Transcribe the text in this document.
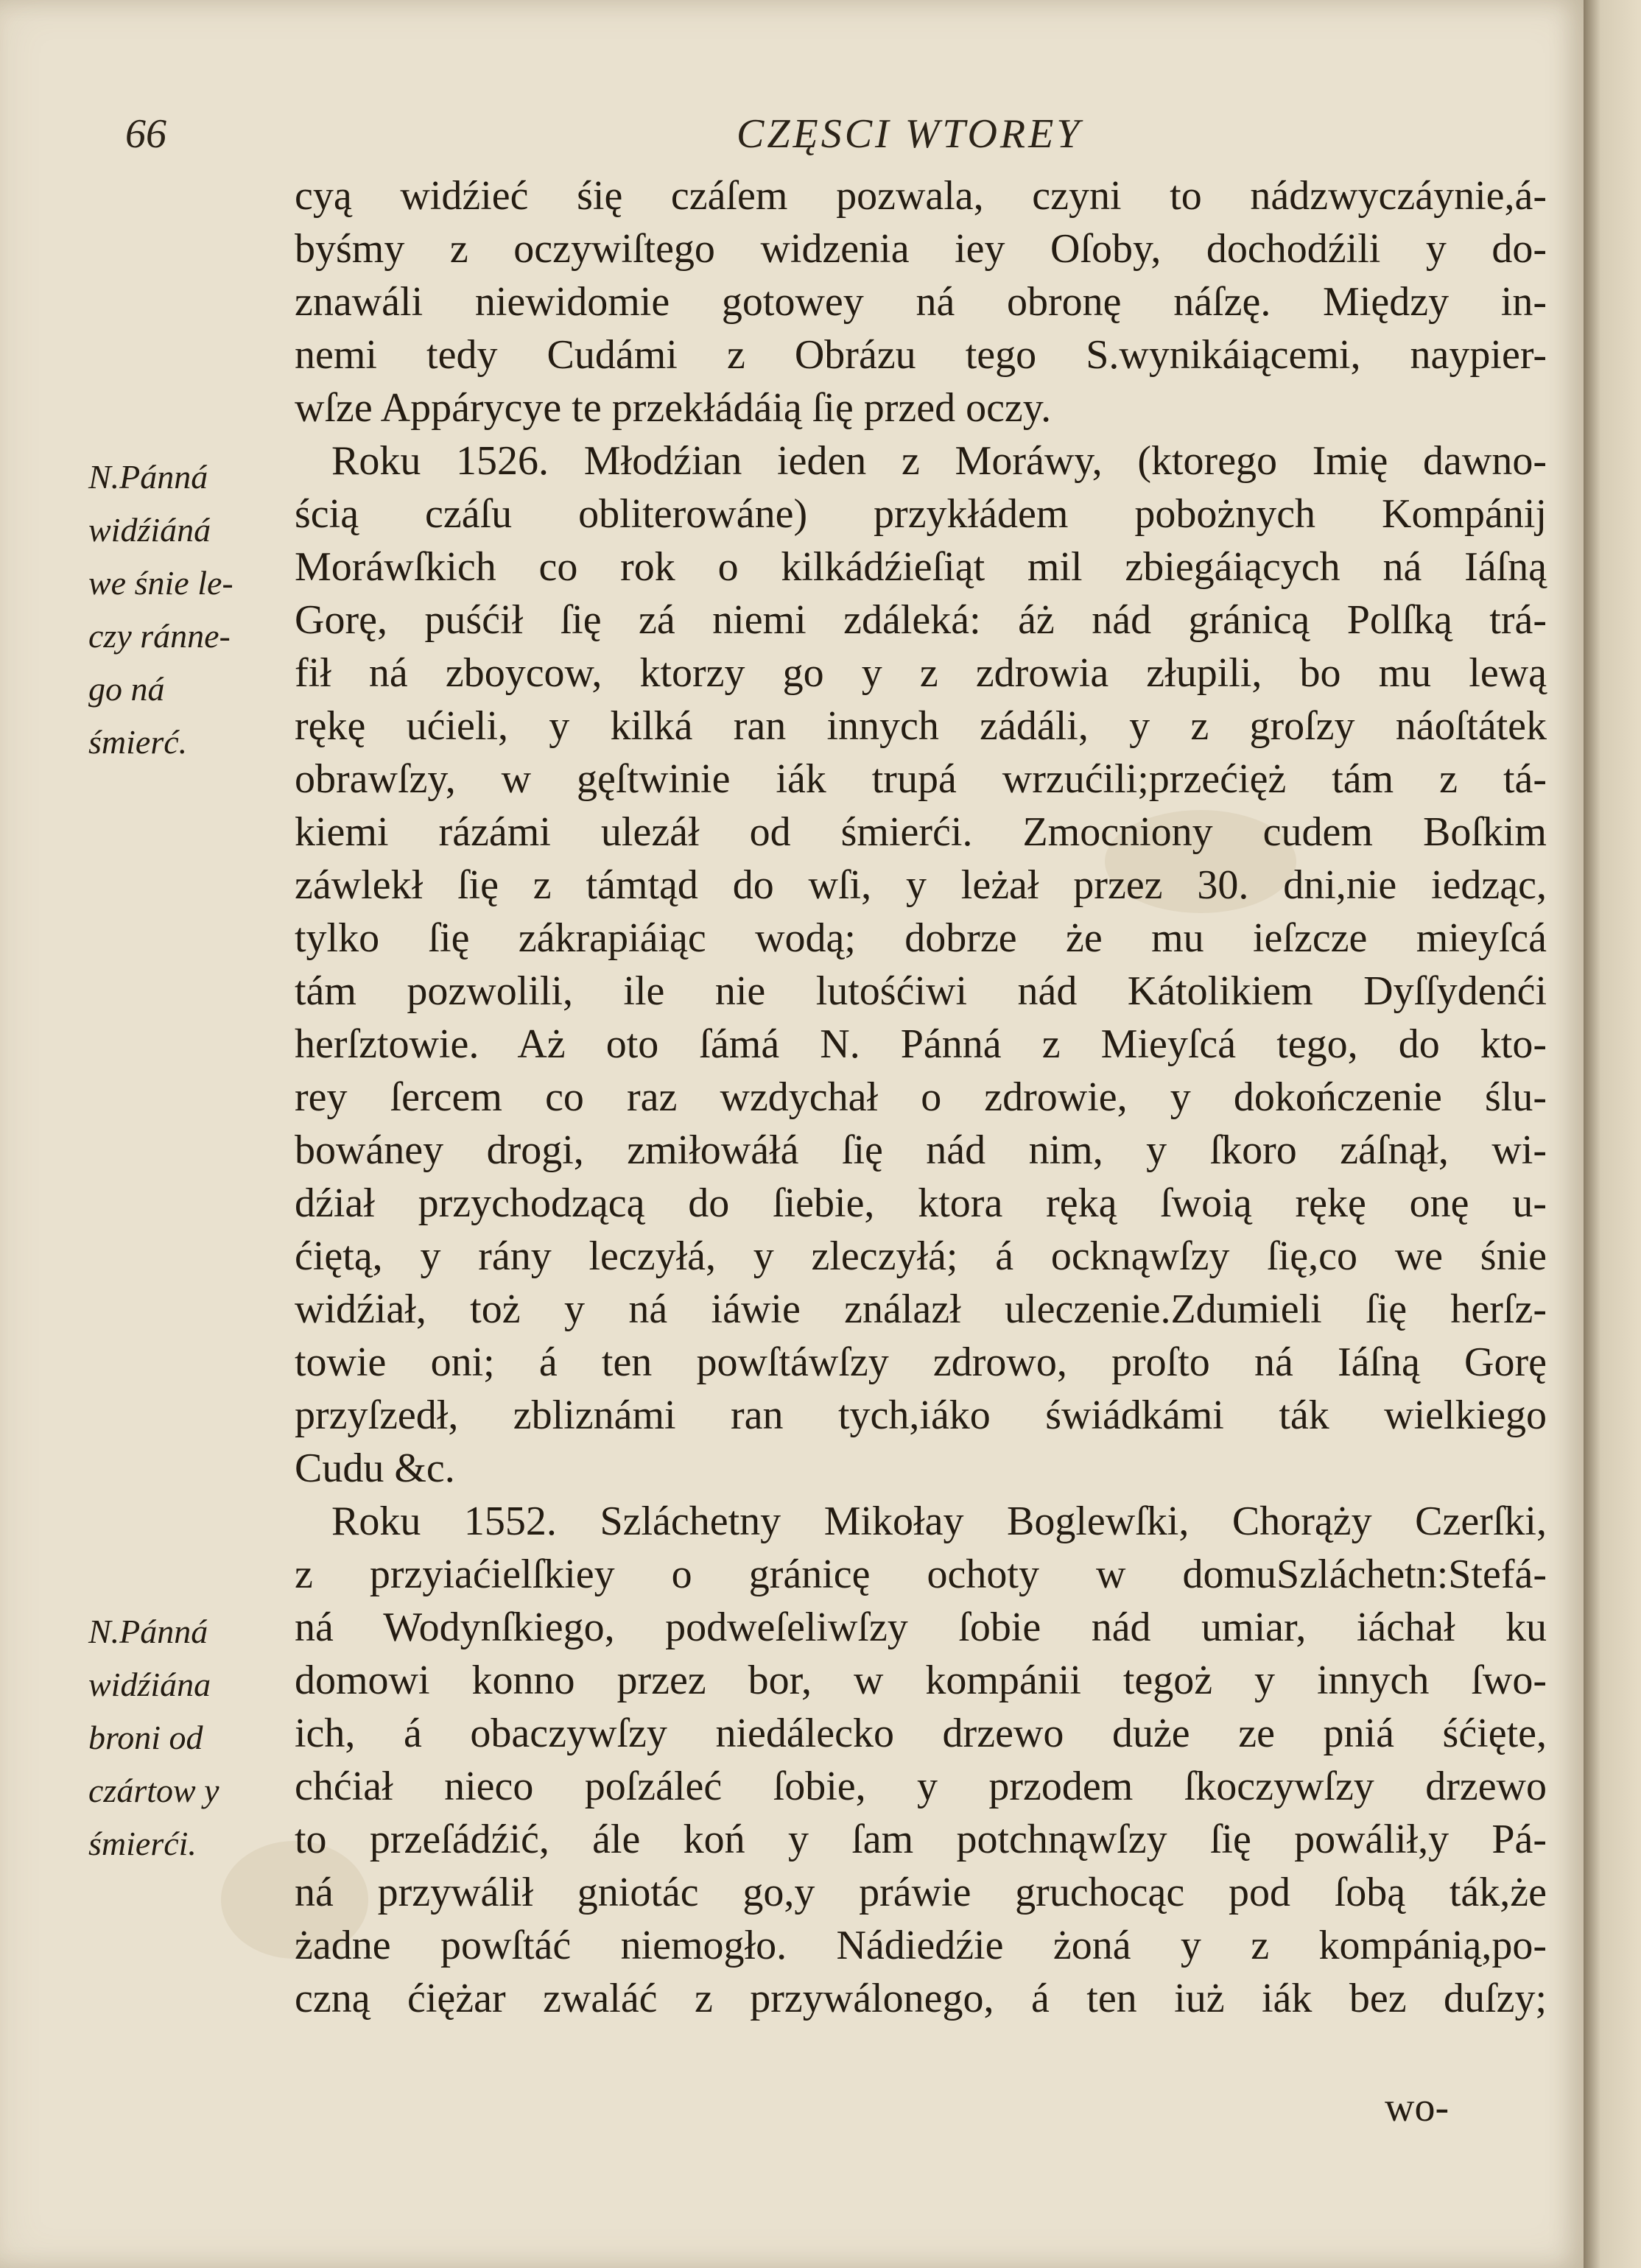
66	CZĘSCI WTOREY
N.Pánná
widźiáná
we śnie le-
czy ránne-
go ná
śmierć.
N.Pánná
widźiána
broni od
czártow y
śmierći.
cyą widźieć śię czáſem pozwala, czyni to nádzwyczáynie,á-
byśmy z oczywiſtego widzenia iey Oſoby, dochodźili y do-
znawáli niewidomie gotowey ná obronę náſzę. Między in-
nemi tedy Cudámi z Obrázu tego S.wynikáiącemi, naypier-
wſze Appárycye te przekłádáią ſię przed oczy.
Roku 1526. Młodźian ieden z Moráwy, (ktorego Imię dawno-
ścią czáſu obliterowáne) przykłádem pobożnych Kompánij
Moráwſkich co rok o kilkádźieſiąt mil zbiegáiących ná Iáſną
Gorę, puśćił ſię zá niemi zdáleká: áż nád gránicą Polſką trá-
fił ná zboycow, ktorzy go y z zdrowia złupili, bo mu lewą
rękę ućieli, y kilká ran innych zádáli, y z groſzy náoſtátek
obrawſzy, w gęſtwinie iák trupá wrzućili;przećięż tám z tá-
kiemi rázámi ulezáł od śmierći. Zmocniony cudem Boſkim
záwlekł ſię z támtąd do wſi, y leżał przez 30. dni,nie iedząc,
tylko ſię zákrapiáiąc wodą; dobrze że mu ieſzcze mieyſcá
tám pozwolili, ile nie lutośćiwi nád Kátolikiem Dyſſydenći
herſztowie. Aż oto ſámá N. Pánná z Mieyſcá tego, do kto-
rey ſercem co raz wzdychał o zdrowie, y dokończenie ślu-
bowáney drogi, zmiłowáłá ſię nád nim, y ſkoro záſnął, wi-
dźiał przychodzącą do ſiebie, ktora ręką ſwoią rękę onę u-
ćiętą, y rány leczyłá, y zleczyłá; á ocknąwſzy ſię,co we śnie
widźiał, toż y ná iáwie ználazł uleczenie.Zdumieli ſię herſz-
towie oni; á ten powſtáwſzy zdrowo, proſto ná Iáſną Gorę
przyſzedł, zbliznámi ran tych,iáko świádkámi ták wielkiego
Cudu &c.
Roku 1552. Szláchetny Mikołay Boglewſki, Chorąży Czerſki,
z przyiaćielſkiey o gránicę ochoty w domuSzláchetn:Stefá-
ná Wodynſkiego, podweſeliwſzy ſobie nád umiar, iáchał ku
domowi konno przez bor, w kompánii tegoż y innych ſwo-
ich, á obaczywſzy niedálecko drzewo duże ze pniá śćięte,
chćiał nieco poſzáleć ſobie, y przodem ſkoczywſzy drzewo
to przeſádźić, ále koń y ſam potchnąwſzy ſię powálił,y Pá-
ná przywálił gniotác go,y práwie gruchocąc pod ſobą ták,że
żadne powſtáć niemogło. Nádiedźie żoná y z kompánią,po-
czną ćiężar zwaláć z przywálonego, á ten iuż iák bez duſzy;
wo-
